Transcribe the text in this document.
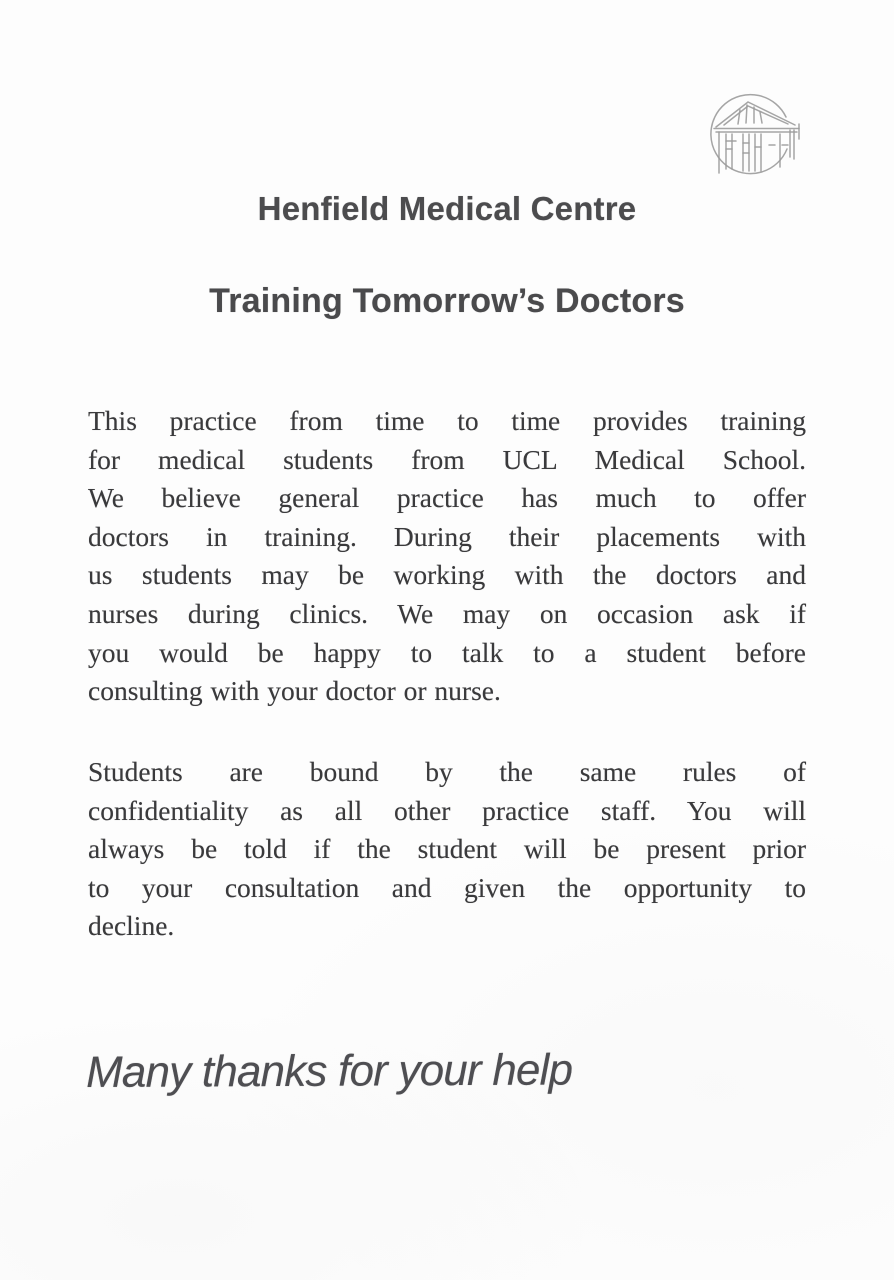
Henfield Medical Centre
Training Tomorrow’s Doctors
This practice from time to time provides training
for medical students from UCL Medical School.
We believe general practice has much to offer
doctors in training. During their placements with
us students may be working with the doctors and
nurses during clinics. We may on occasion ask if
you would be happy to talk to a student before
consulting with your doctor or nurse.
Students are bound by the same rules of
confidentiality as all other practice staff. You will
always be told if the student will be present prior
to your consultation and given the opportunity to
decline.
Many thanks for your help
